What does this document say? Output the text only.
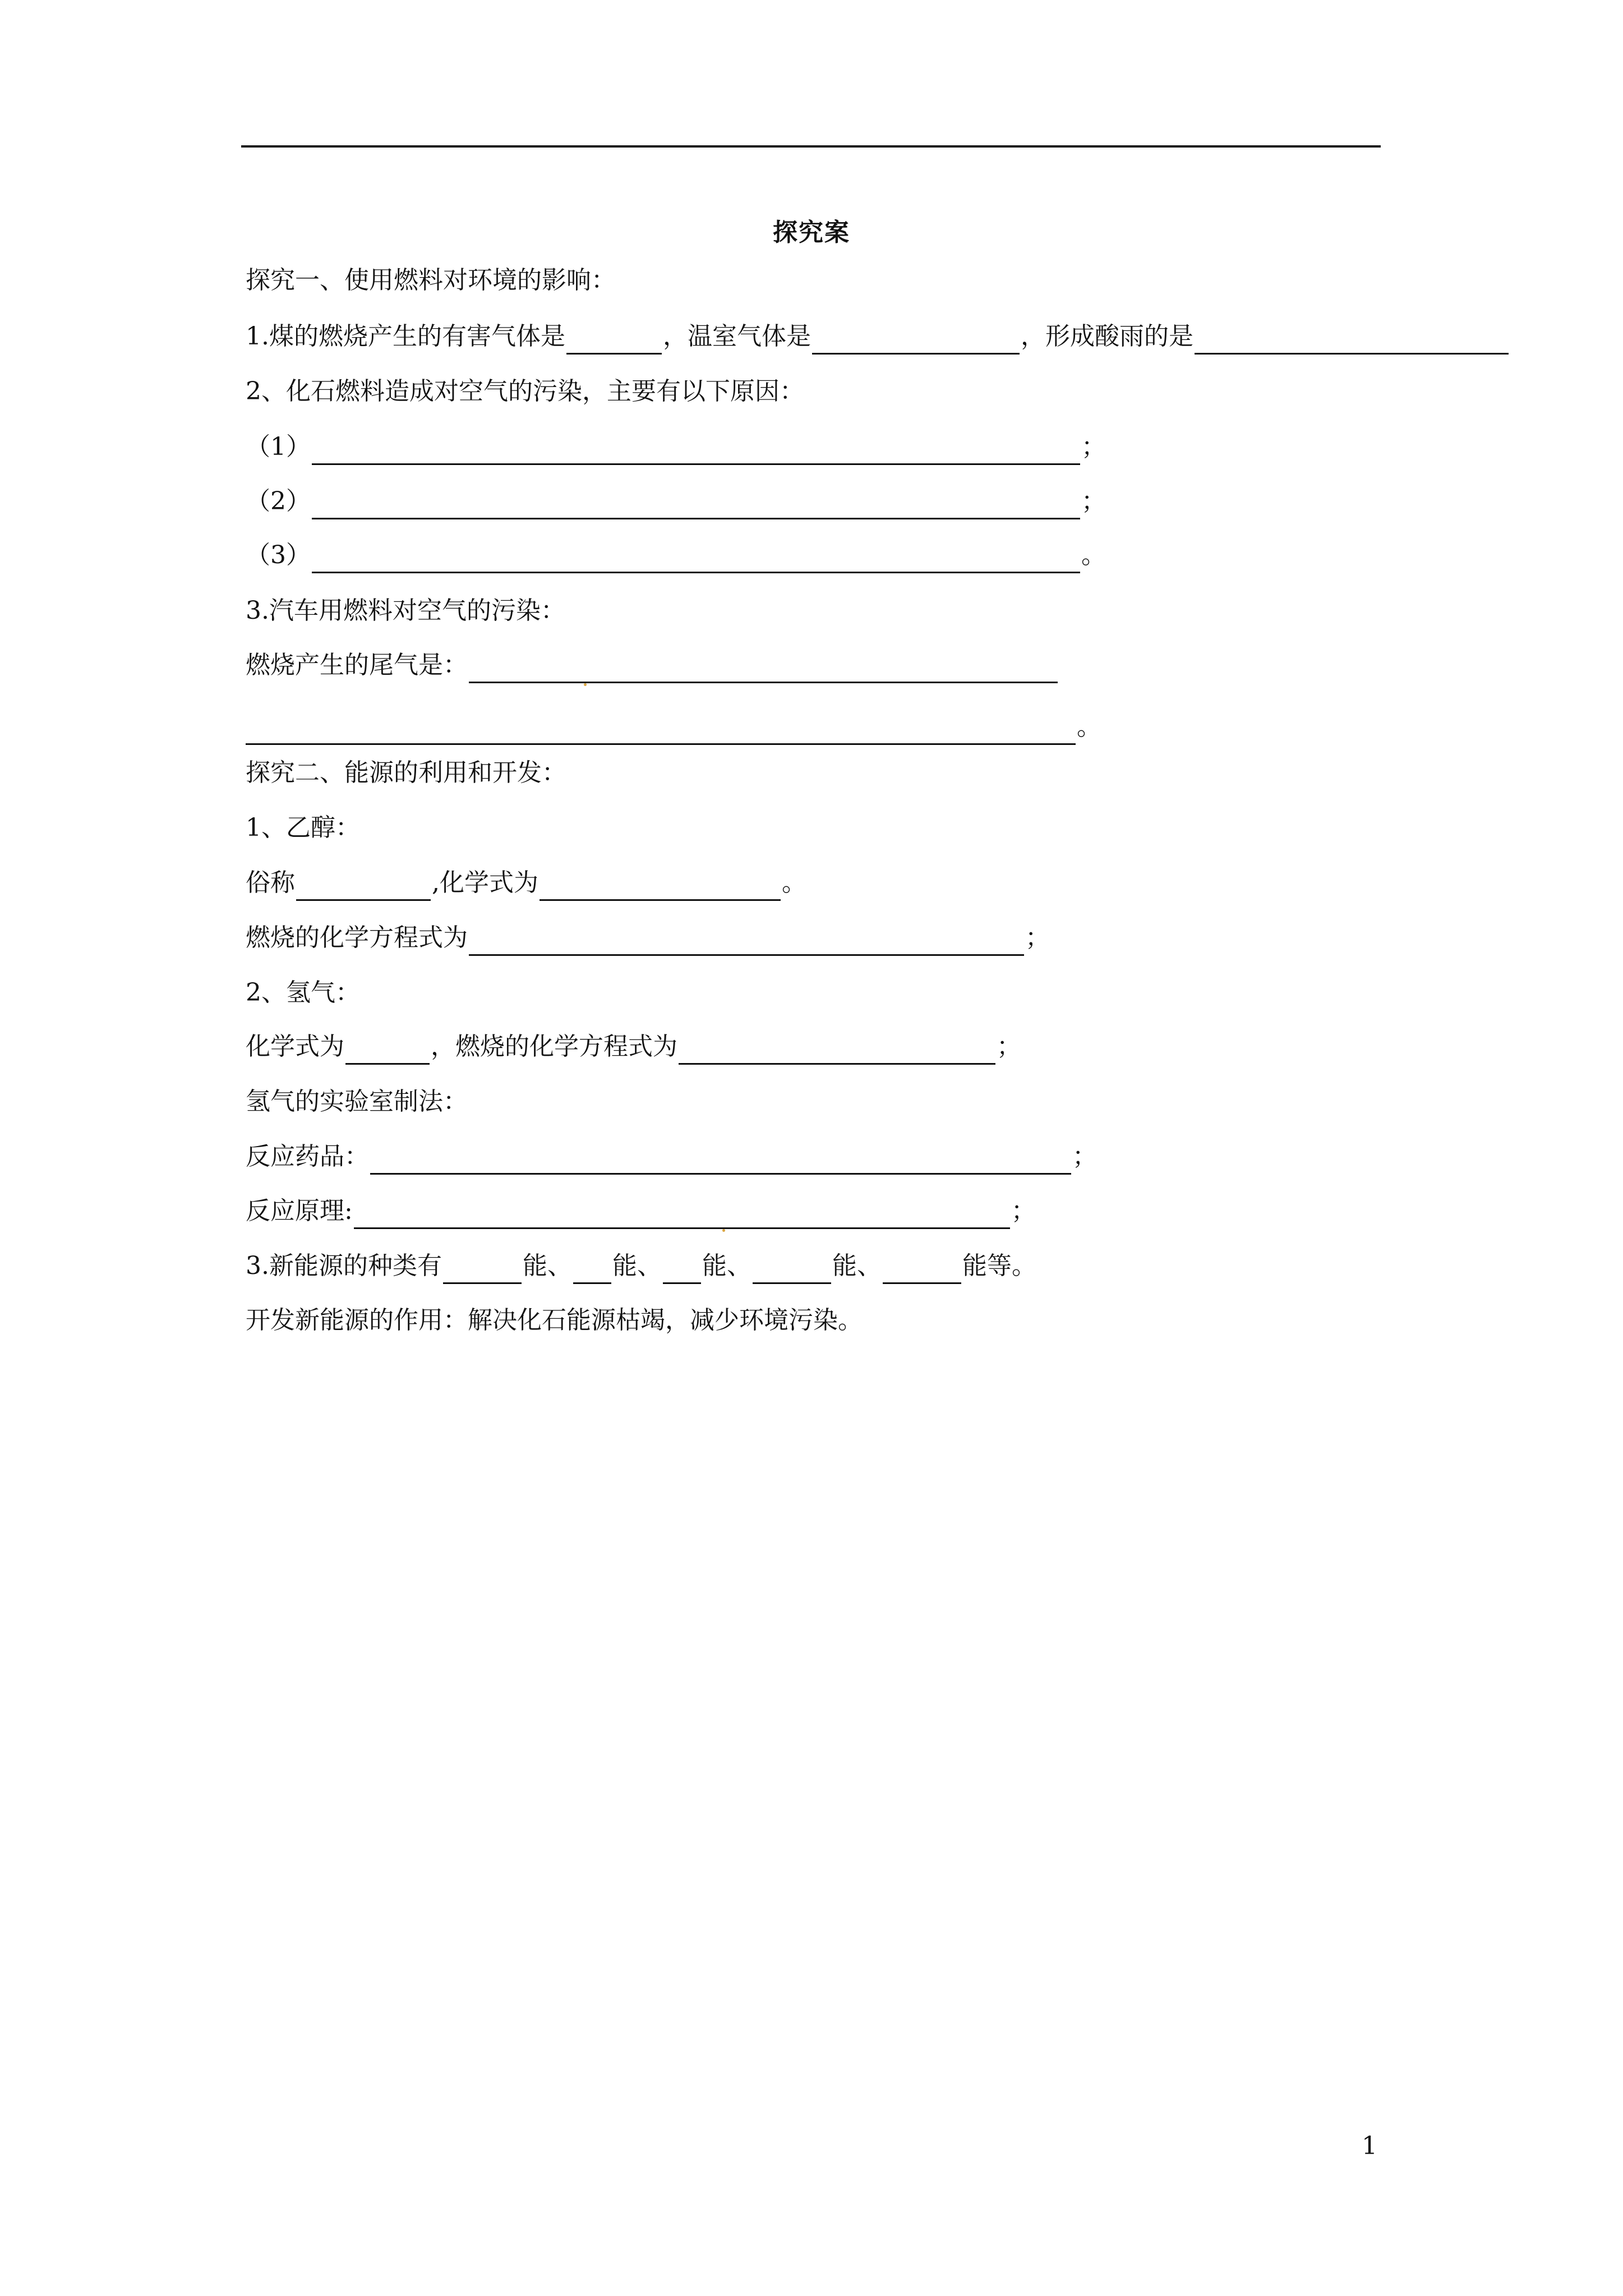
探究案
探究一、使用燃料对环境的影响：
1.煤的燃烧产生的有害气体是	，温室气体是	，形成酸雨的是
2、化石燃料造成对空气的污染，主要有以下原因：
（1）	；
（2）	；
（3）	。
3.汽车用燃料对空气的污染：
燃烧产生的尾气是：
。
探究二、能源的利用和开发：
1、乙醇：
俗称	,化学式为	。
燃烧的化学方程式为	；
2、氢气：
化学式为	，燃烧的化学方程式为	；
氢气的实验室制法：
反应药品：	；
反应原理:	；
3.新能源的种类有	能、 能、 能、	能、	能等。
开发新能源的作用：解决化石能源枯竭，减少环境污染。
1
